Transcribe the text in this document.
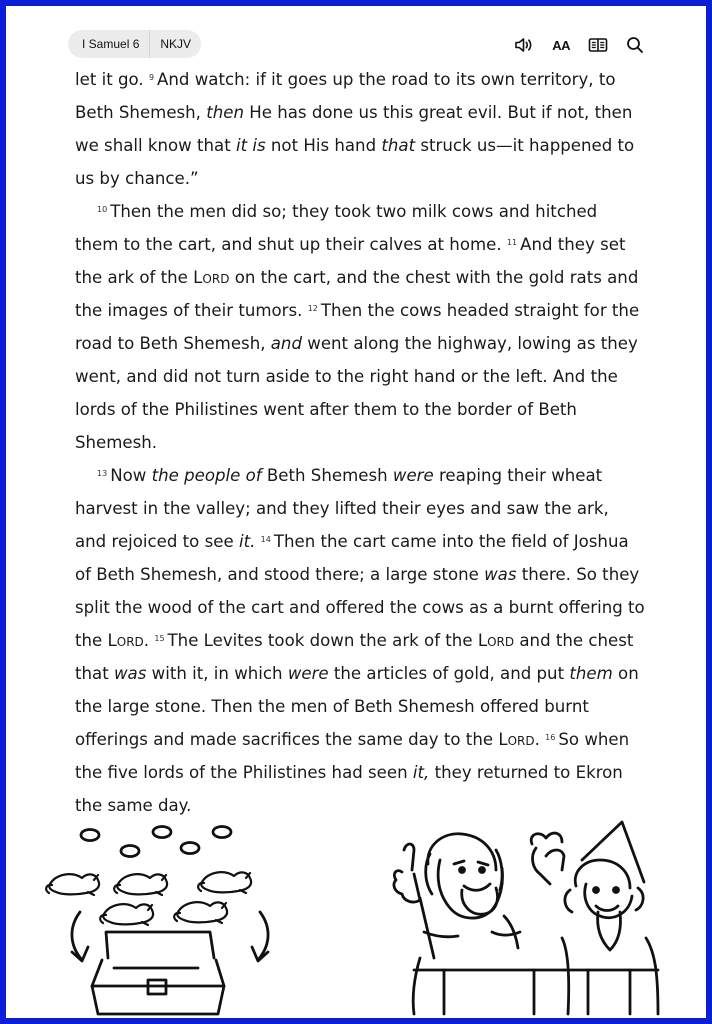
I Samuel 6	NKJV	AA

let it go. $^9$ And watch: if it goes up the road to its own territory, to Beth Shemesh, then He has done us this great evil. But if not, then we shall know that it is not His hand that struck us—it happened to us by chance.”

$^{10}$ Then the men did so; they took two milk cows and hitched them to the cart, and shut up their calves at home. $^{11}$ And they set the ark of the Lord on the cart, and the chest with the gold rats and the images of their tumors. $^{12}$ Then the cows headed straight for the road to Beth Shemesh, and went along the highway, lowing as they went, and did not turn aside to the right hand or the left. And the lords of the Philistines went after them to the border of Beth Shemesh.

$^{13}$ Now the people of Beth Shemesh were reaping their wheat harvest in the valley; and they lifted their eyes and saw the ark, and rejoiced to see it. $^{14}$ Then the cart came into the field of Joshua of Beth Shemesh, and stood there; a large stone was there. So they split the wood of the cart and offered the cows as a burnt offering to the Lord. $^{15}$ The Levites took down the ark of the Lord and the chest that was with it, in which were the articles of gold, and put them on the large stone. Then the men of Beth Shemesh offered burnt offerings and made sacrifices the same day to the Lord. $^{16}$ So when the five lords of the Philistines had seen it, they returned to Ekron the same day.
